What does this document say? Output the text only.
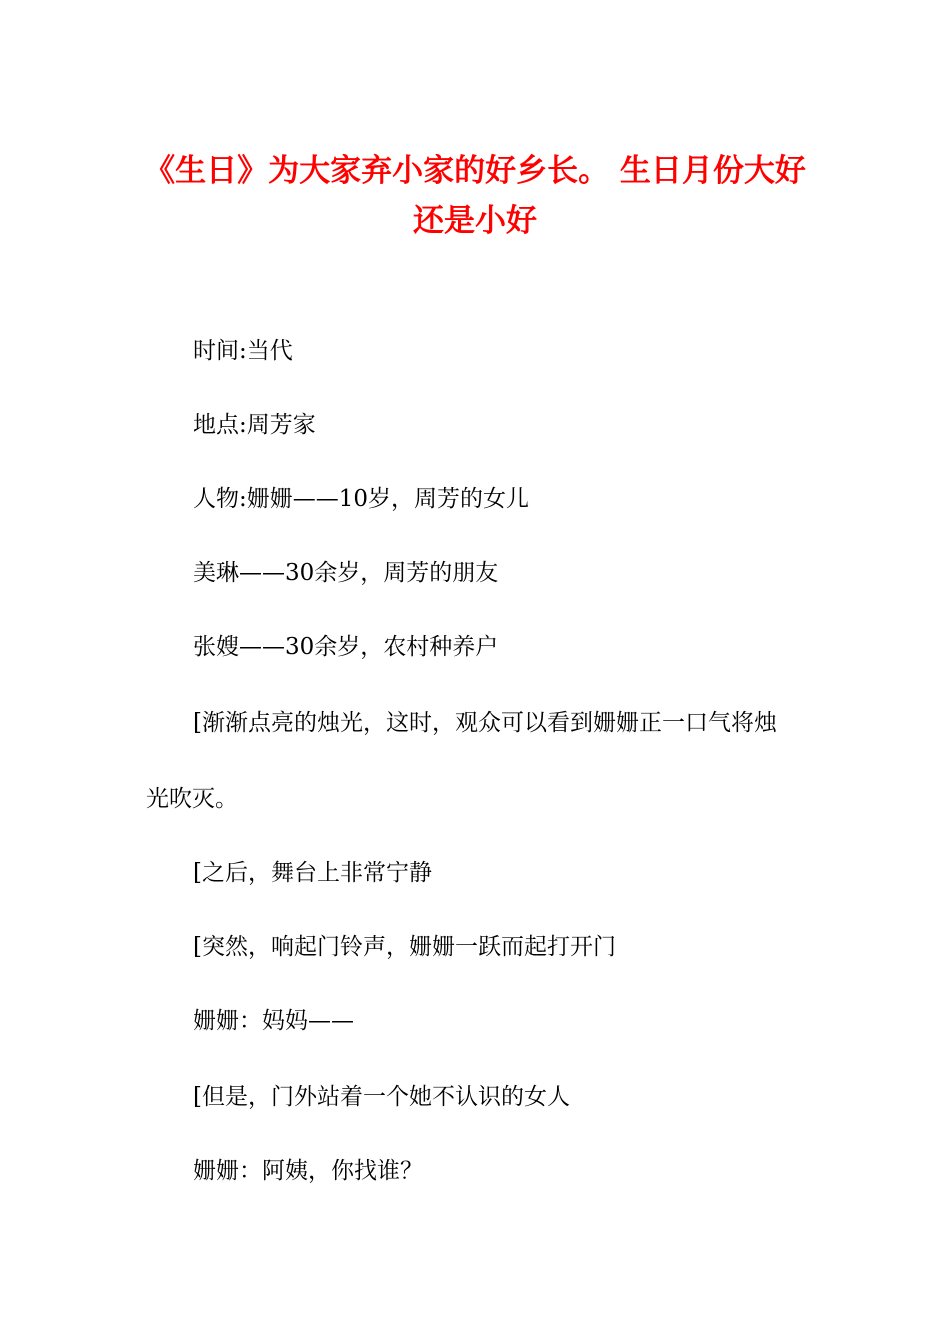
《生日》为大家弃小家的好乡长。 生日月份大好还是小好

时间:当代

地点:周芳家

人物:姗姗——10岁，周芳的女儿

美琳——30余岁，周芳的朋友

张嫂——30余岁，农村种养户

[渐渐点亮的烛光，这时，观众可以看到姗姗正一口气将烛

光吹灭。

[之后，舞台上非常宁静

[突然，响起门铃声，姗姗一跃而起打开门

姗姗：妈妈——

[但是，门外站着一个她不认识的女人

姗姗：阿姨，你找谁？
